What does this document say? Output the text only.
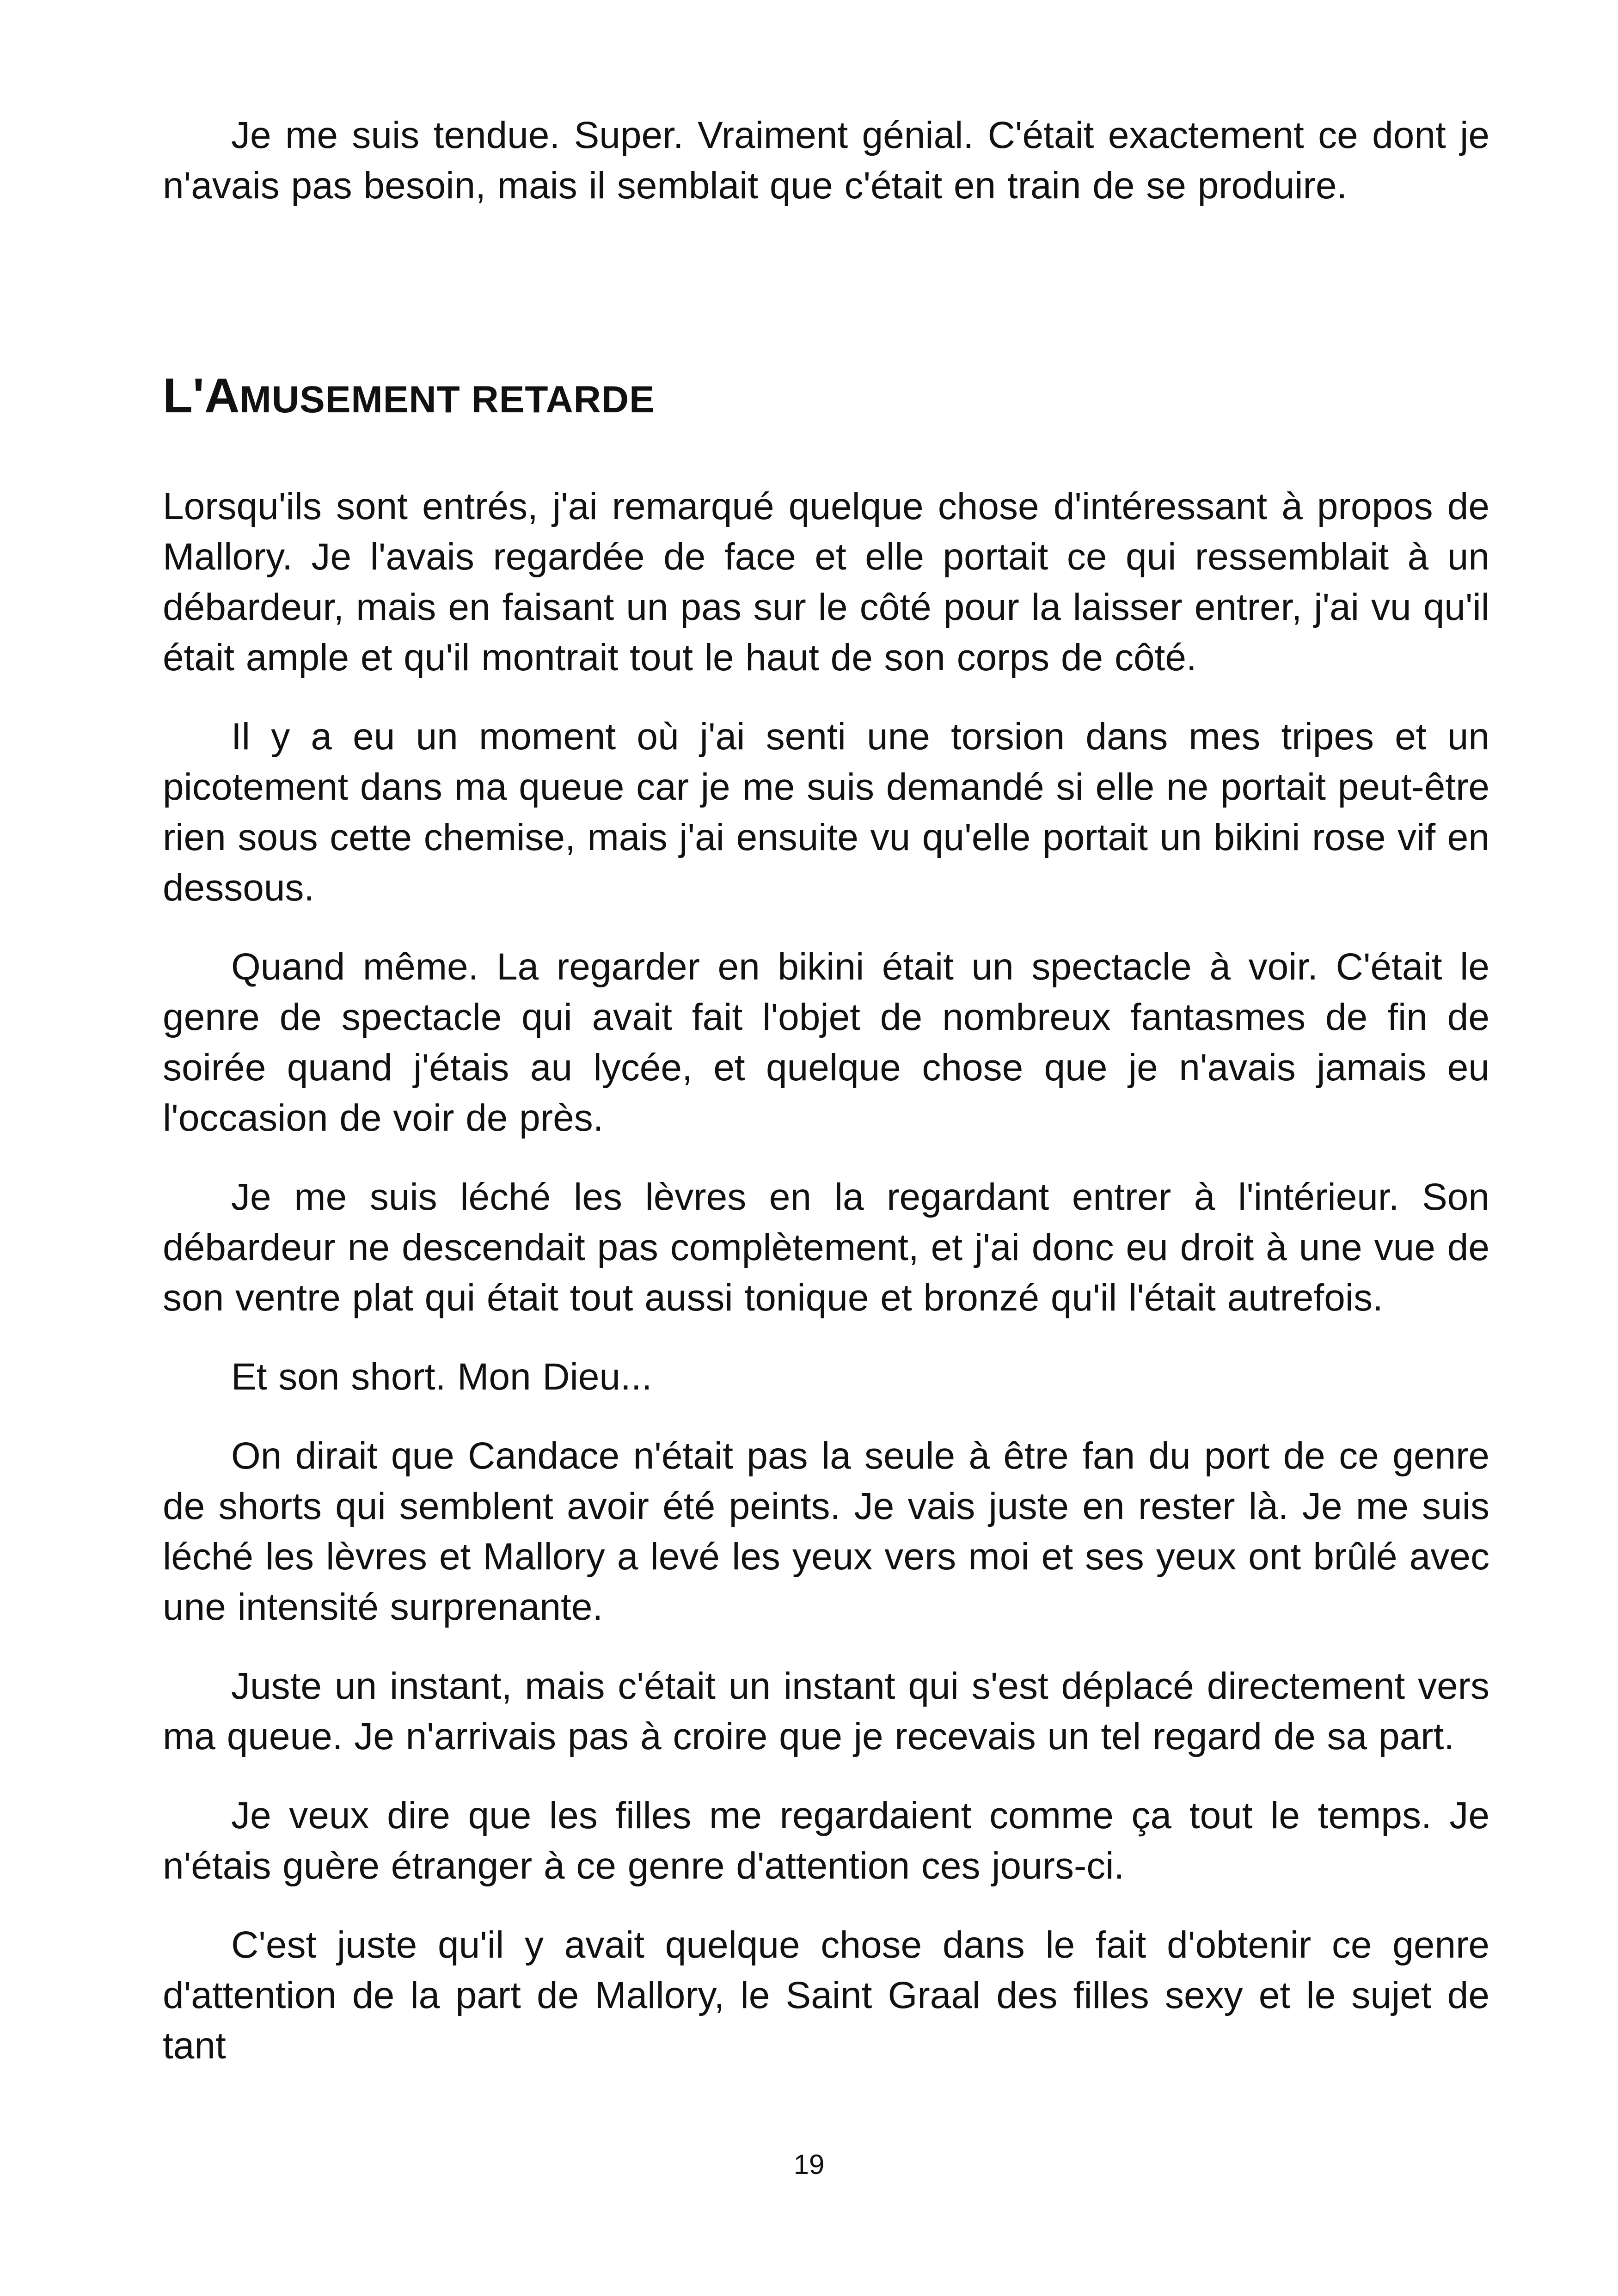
Je me suis tendue. Super. Vraiment génial. C'était exactement ce dont je n'avais pas besoin, mais il semblait que c'était en train de se produire.

L'AMUSEMENT RETARDE

Lorsqu'ils sont entrés, j'ai remarqué quelque chose d'intéressant à propos de Mallory. Je l'avais regardée de face et elle portait ce qui ressemblait à un débardeur, mais en faisant un pas sur le côté pour la laisser entrer, j'ai vu qu'il était ample et qu'il montrait tout le haut de son corps de côté.

Il y a eu un moment où j'ai senti une torsion dans mes tripes et un picotement dans ma queue car je me suis demandé si elle ne portait peut-être rien sous cette chemise, mais j'ai ensuite vu qu'elle portait un bikini rose vif en dessous.

Quand même. La regarder en bikini était un spectacle à voir. C'était le genre de spectacle qui avait fait l'objet de nombreux fantasmes de fin de soirée quand j'étais au lycée, et quelque chose que je n'avais jamais eu l'occasion de voir de près.

Je me suis léché les lèvres en la regardant entrer à l'intérieur. Son débardeur ne descendait pas complètement, et j'ai donc eu droit à une vue de son ventre plat qui était tout aussi tonique et bronzé qu'il l'était autrefois.

Et son short. Mon Dieu...

On dirait que Candace n'était pas la seule à être fan du port de ce genre de shorts qui semblent avoir été peints. Je vais juste en rester là. Je me suis léché les lèvres et Mallory a levé les yeux vers moi et ses yeux ont brûlé avec une intensité surprenante.

Juste un instant, mais c'était un instant qui s'est déplacé directement vers ma queue. Je n'arrivais pas à croire que je recevais un tel regard de sa part.

Je veux dire que les filles me regardaient comme ça tout le temps. Je n'étais guère étranger à ce genre d'attention ces jours-ci.

C'est juste qu'il y avait quelque chose dans le fait d'obtenir ce genre d'attention de la part de Mallory, le Saint Graal des filles sexy et le sujet de tant

19
